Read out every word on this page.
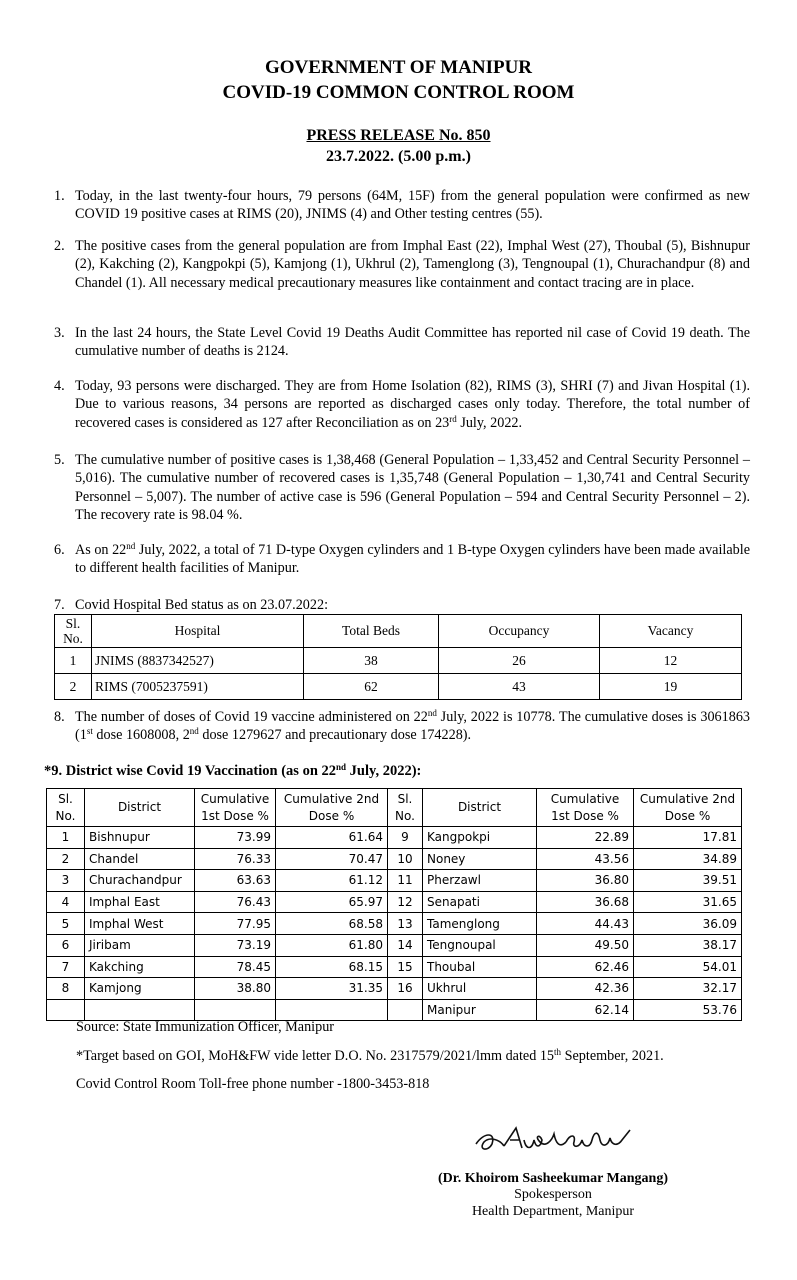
GOVERNMENT OF MANIPUR
COVID-19 COMMON CONTROL ROOM
PRESS RELEASE No. 850
23.7.2022. (5.00 p.m.)
1. Today, in the last twenty-four hours, 79 persons (64M, 15F) from the general population were confirmed as new COVID 19 positive cases at RIMS (20), JNIMS (4) and Other testing centres (55).
2. The positive cases from the general population are from Imphal East (22), Imphal West (27), Thoubal (5), Bishnupur (2), Kakching (2), Kangpokpi (5), Kamjong (1), Ukhrul (2), Tamenglong (3), Tengnoupal (1), Churachandpur (8) and Chandel (1). All necessary medical precautionary measures like containment and contact tracing are in place.
3. In the last 24 hours, the State Level Covid 19 Deaths Audit Committee has reported nil case of Covid 19 death. The cumulative number of deaths is 2124.
4. Today, 93 persons were discharged. They are from Home Isolation (82), RIMS (3), SHRI (7) and Jivan Hospital (1). Due to various reasons, 34 persons are reported as discharged cases only today. Therefore, the total number of recovered cases is considered as 127 after Reconciliation as on 23rd July, 2022.
5. The cumulative number of positive cases is 1,38,468 (General Population – 1,33,452 and Central Security Personnel – 5,016). The cumulative number of recovered cases is 1,35,748 (General Population – 1,30,741 and Central Security Personnel – 5,007). The number of active case is 596 (General Population – 594 and Central Security Personnel – 2). The recovery rate is 98.04 %.
6. As on 22nd July, 2022, a total of 71 D-type Oxygen cylinders and 1 B-type Oxygen cylinders have been made available to different health facilities of Manipur.
7. Covid Hospital Bed status as on 23.07.2022:
Sl. No.	Hospital	Total Beds	Occupancy	Vacancy
1	JNIMS (8837342527)	38	26	12
2	RIMS (7005237591)	62	43	19
8. The number of doses of Covid 19 vaccine administered on 22nd July, 2022 is 10778. The cumulative doses is 3061863 (1st dose 1608008, 2nd dose 1279627 and precautionary dose 174228).
*9. District wise Covid 19 Vaccination (as on 22nd July, 2022):
Sl. No.	District	Cumulative 1st Dose %	Cumulative 2nd Dose %	Sl. No.	District	Cumulative 1st Dose %	Cumulative 2nd Dose %
1	Bishnupur	73.99	61.64	9	Kangpokpi	22.89	17.81
2	Chandel	76.33	70.47	10	Noney	43.56	34.89
3	Churachandpur	63.63	61.12	11	Pherzawl	36.80	39.51
4	Imphal East	76.43	65.97	12	Senapati	36.68	31.65
5	Imphal West	77.95	68.58	13	Tamenglong	44.43	36.09
6	Jiribam	73.19	61.80	14	Tengnoupal	49.50	38.17
7	Kakching	78.45	68.15	15	Thoubal	62.46	54.01
8	Kamjong	38.80	31.35	16	Ukhrul	42.36	32.17
					Manipur	62.14	53.76
Source: State Immunization Officer, Manipur
*Target based on GOI, MoH&FW vide letter D.O. No. 2317579/2021/lmm dated 15th September, 2021.
Covid Control Room Toll-free phone number -1800-3453-818
(Dr. Khoirom Sasheekumar Mangang)
Spokesperson
Health Department, Manipur
